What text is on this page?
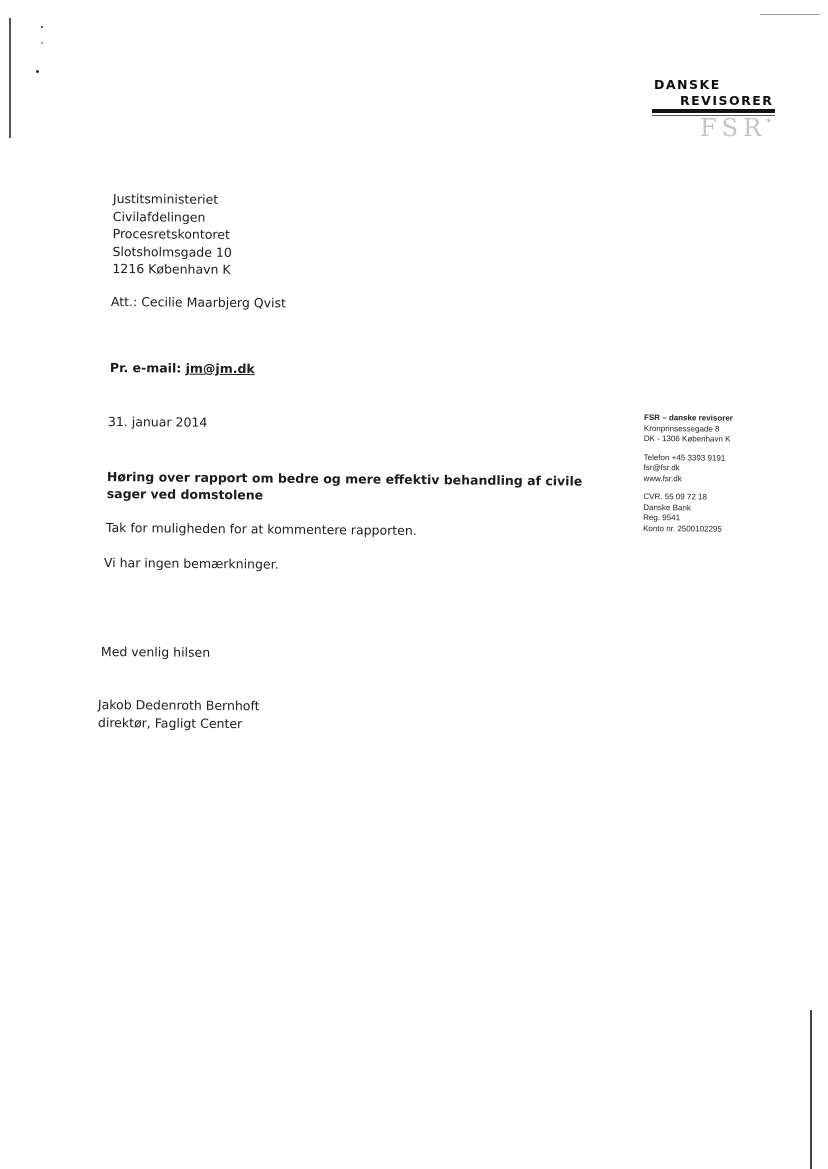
DANSKE
REVISORER
FSR *
Justitsministeriet
Civilafdelingen
Procesretskontoret
Slotsholmsgade 10
1216 København K
Att.: Cecilie Maarbjerg Qvist
Pr. e-mail: jm@jm.dk
31. januar 2014
Høring over rapport om bedre og mere effektiv behandling af civile sager ved domstolene
Tak for muligheden for at kommentere rapporten.
Vi har ingen bemærkninger.
Med venlig hilsen
Jakob Dedenroth Bernhoft
direktør, Fagligt Center
FSR – danske revisorer
Kronprinsessegade 8
DK - 1306 København K
Telefon +45 3393 9191
fsr@fsr.dk
www.fsr.dk
CVR. 55 09 72 18
Danske Bank
Reg. 9541
Konto nr. 2500102295
